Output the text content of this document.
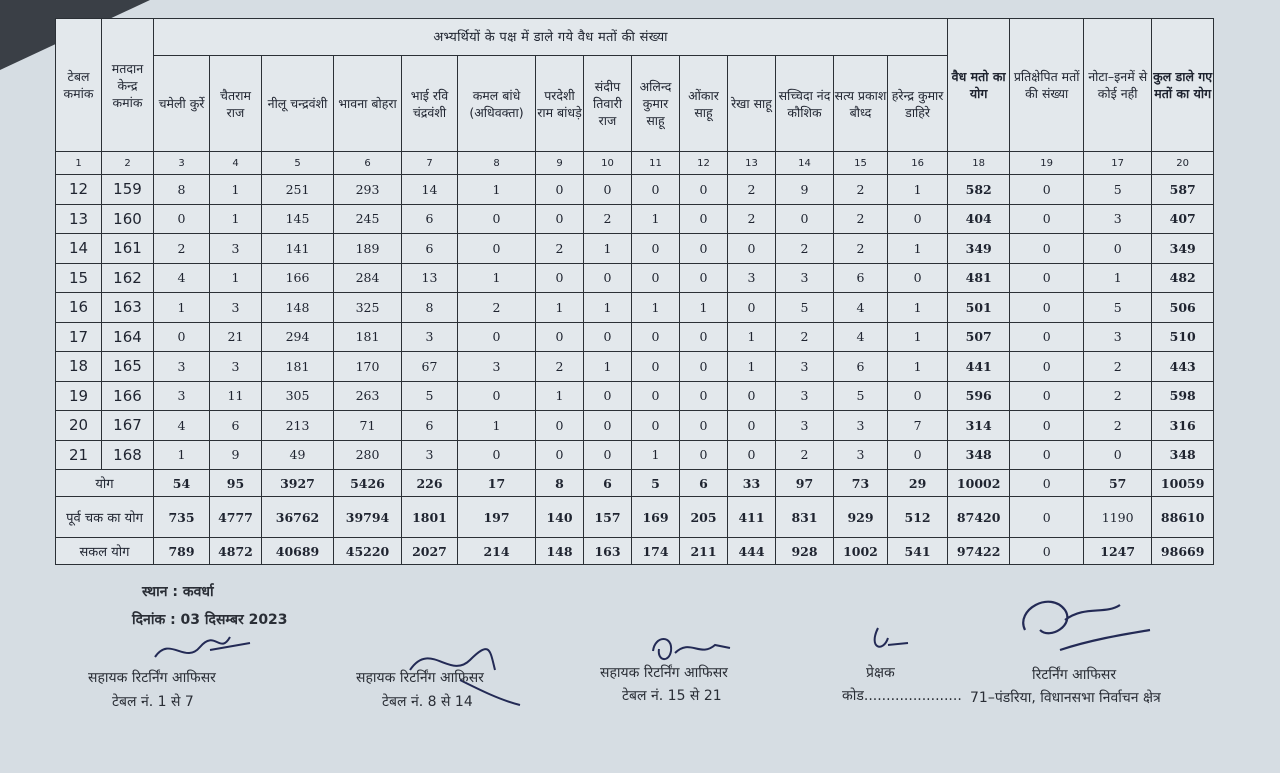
टेबल कमांक	मतदान केन्द्र कमांक	अभ्यर्थियों के पक्ष में डाले गये वैध मतों की संख्या														वैध मतो का योग	प्रतिक्षेपित मतों की संख्या	नोटा–इनमें से कोई नही	कुल डाले गए मतों का योग
		चमेली कुर्रे	चैतराम राज	नीलू चन्द्रवंशी	भावना बोहरा	भाई रवि चंद्रवंशी	कमल बांधे (अधिवक्ता)	परदेशी राम बांधड़े	संदीप तिवारी राज	अलिन्द कुमार साहू	ओंकार साहू	रेखा साहू	सच्चिदा नंद कौशिक	सत्य प्रकाश बौध्द	हरेन्द्र कुमार डाहिरे				
1	2	3	4	5	6	7	8	9	10	11	12	13	14	15	16	18	19	17	20
12	159	8	1	251	293	14	1	0	0	0	0	2	9	2	1	582	0	5	587
13	160	0	1	145	245	6	0	0	2	1	0	2	0	2	0	404	0	3	407
14	161	2	3	141	189	6	0	2	1	0	0	0	2	2	1	349	0	0	349
15	162	4	1	166	284	13	1	0	0	0	0	3	3	6	0	481	0	1	482
16	163	1	3	148	325	8	2	1	1	1	1	0	5	4	1	501	0	5	506
17	164	0	21	294	181	3	0	0	0	0	0	1	2	4	1	507	0	3	510
18	165	3	3	181	170	67	3	2	1	0	0	1	3	6	1	441	0	2	443
19	166	3	11	305	263	5	0	1	0	0	0	0	3	5	0	596	0	2	598
20	167	4	6	213	71	6	1	0	0	0	0	0	3	3	7	314	0	2	316
21	168	1	9	49	280	3	0	0	0	1	0	0	2	3	0	348	0	0	348
योग		54	95	3927	5426	226	17	8	6	5	6	33	97	73	29	10002	0	57	10059
पूर्व चक का योग		735	4777	36762	39794	1801	197	140	157	169	205	411	831	929	512	87420	0	1190	88610
सकल योग		789	4872	40689	45220	2027	214	148	163	174	211	444	928	1002	541	97422	0	1247	98669
स्थान : कवर्धा
दिनांक : 03 दिसम्बर 2023
सहायक रिटर्निंग आफिसर
टेबल नं. 1 से 7
सहायक रिटर्निंग आफिसर
टेबल नं. 8 से 14
सहायक रिटर्निंग आफिसर
टेबल नं. 15 से 21
प्रेक्षक
कोड......................
रिटर्निंग आफिसर
71–पंडरिया, विधानसभा निर्वाचन क्षेत्र
